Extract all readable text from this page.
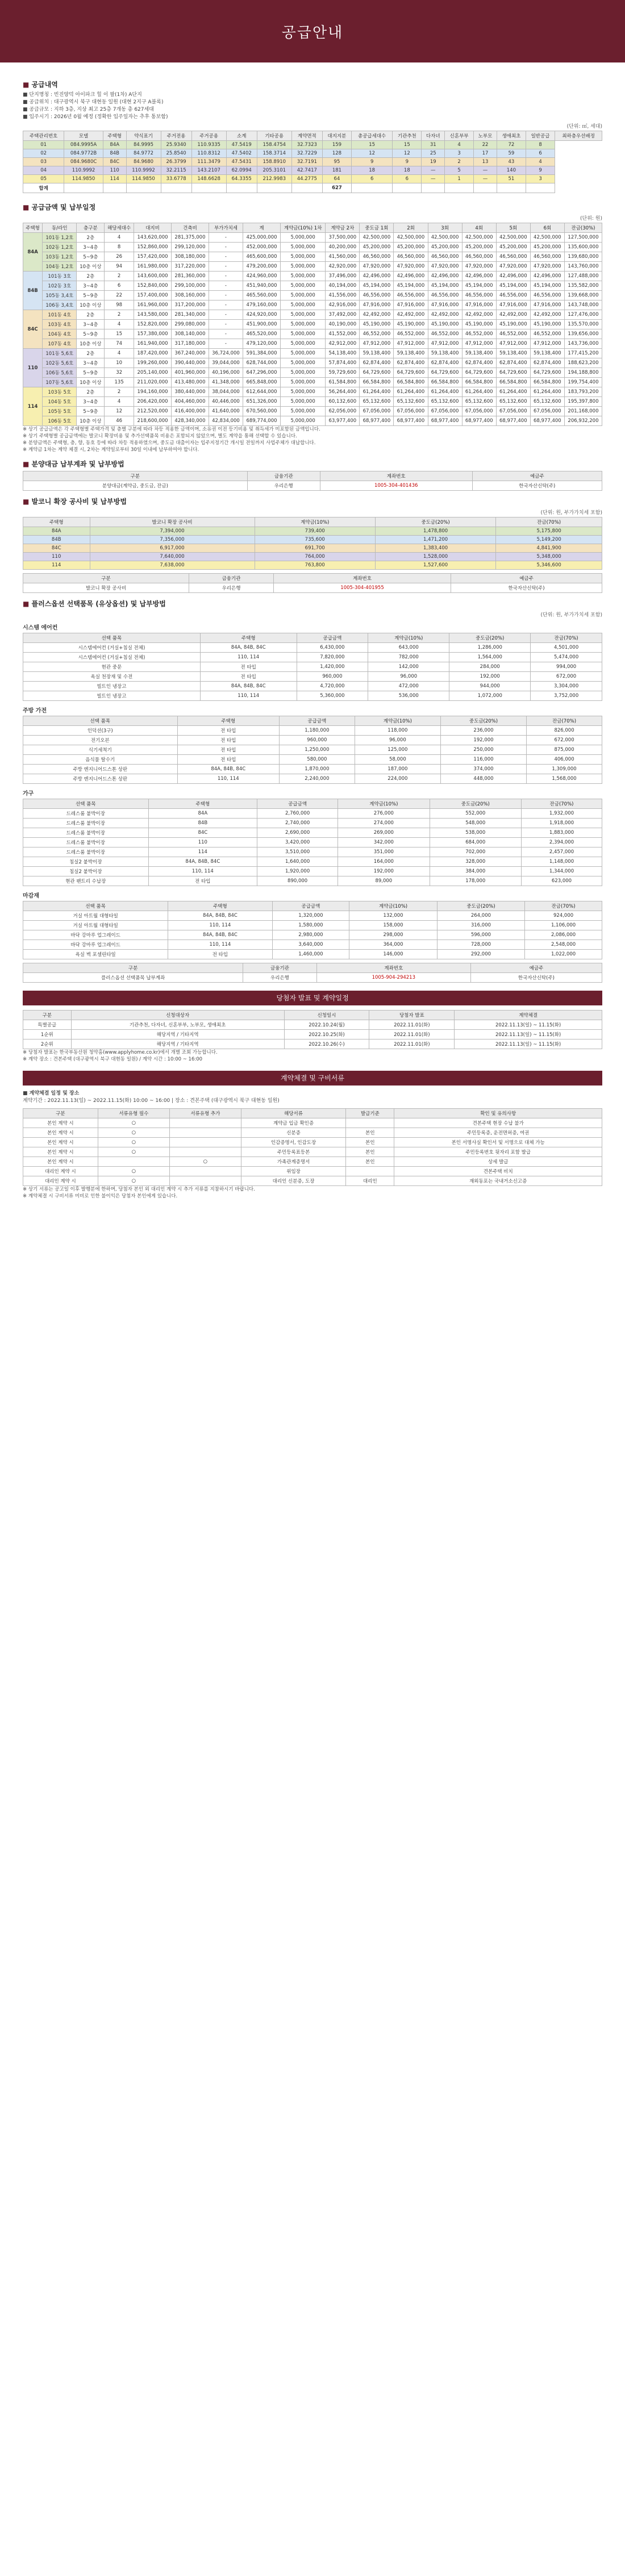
공급안내
■ 공급내역
■ 단지명칭 : 빈진양덕 아이파크 힐 이 팔(1차) A단지
■ 공급위치 : 대구광역시 북구 대현동 일원 (대현 2지구 A블록)
■ 공급규모 : 지하 3층, 지상 최고 25층 7개동 총 627세대
■ 입주시기 : 2026년 0월 예정 (정확한 입주일자는 추후 통보함)
(단위: ㎡, 세대)
주택관리번호	모델	주택형	약식표기	주거전용	주거공용	소계	기타공용	계약면적	대지지분	총공급세대수	기관추천	다자녀	신혼부부	노부모	생애최초	일반공급	최하층우선배정
01	084.9995A	84A	84.9995	25.9340	110.9335	47.5419	158.4754	32.7323	159	15	15	31	4	22	72	8	
02	084.9772B	84B	84.9772	25.8540	110.8312	47.5402	158.3714	32.7229	128	12	12	25	3	17	59	6	
03	084.9680C	84C	84.9680	26.3799	111.3479	47.5431	158.8910	32.7191	95	9	9	19	2	13	43	4	
04	110.9992	110	110.9992	32.2115	143.2107	62.0994	205.3101	42.7417	181	18	18	—	5	—	140	9	
05	114.9850	114	114.9850	33.6778	148.6628	64.3355	212.9983	44.2775	64	6	6	—	1	—	51	3	
합계									627								
■ 공급금액 및 납부일정
(단위: 원)
주택형	동/라인	층구분	해당세대수	대지비	건축비	부가가치세	계	계약금(10%) 1차	계약금 2차	중도금 1회	2회	3회	4회	5회	6회	잔금(30%)
84A	101동 1,2호	2층	4	143,620,000	281,375,000	-	425,000,000	5,000,000	37,500,000	42,500,000	42,500,000	42,500,000	42,500,000	42,500,000	42,500,000	127,500,000
	102동 1,2호	3~4층	8	152,860,000	299,120,000	-	452,000,000	5,000,000	40,200,000	45,200,000	45,200,000	45,200,000	45,200,000	45,200,000	45,200,000	135,600,000
	103동 1,2호	5~9층	26	157,420,000	308,180,000	-	465,600,000	5,000,000	41,560,000	46,560,000	46,560,000	46,560,000	46,560,000	46,560,000	46,560,000	139,680,000
	104동 1,2호	10층 이상	94	161,980,000	317,220,000	-	479,200,000	5,000,000	42,920,000	47,920,000	47,920,000	47,920,000	47,920,000	47,920,000	47,920,000	143,760,000
84B	101동 3호	2층	2	143,600,000	281,360,000	-	424,960,000	5,000,000	37,496,000	42,496,000	42,496,000	42,496,000	42,496,000	42,496,000	42,496,000	127,488,000
	102동 3호	3~4층	6	152,840,000	299,100,000	-	451,940,000	5,000,000	40,194,000	45,194,000	45,194,000	45,194,000	45,194,000	45,194,000	45,194,000	135,582,000
	105동 3,4호	5~9층	22	157,400,000	308,160,000	-	465,560,000	5,000,000	41,556,000	46,556,000	46,556,000	46,556,000	46,556,000	46,556,000	46,556,000	139,668,000
	106동 3,4호	10층 이상	98	161,960,000	317,200,000	-	479,160,000	5,000,000	42,916,000	47,916,000	47,916,000	47,916,000	47,916,000	47,916,000	47,916,000	143,748,000
84C	101동 4호	2층	2	143,580,000	281,340,000	-	424,920,000	5,000,000	37,492,000	42,492,000	42,492,000	42,492,000	42,492,000	42,492,000	42,492,000	127,476,000
	103동 4호	3~4층	4	152,820,000	299,080,000	-	451,900,000	5,000,000	40,190,000	45,190,000	45,190,000	45,190,000	45,190,000	45,190,000	45,190,000	135,570,000
	104동 4호	5~9층	15	157,380,000	308,140,000	-	465,520,000	5,000,000	41,552,000	46,552,000	46,552,000	46,552,000	46,552,000	46,552,000	46,552,000	139,656,000
	107동 4호	10층 이상	74	161,940,000	317,180,000	-	479,120,000	5,000,000	42,912,000	47,912,000	47,912,000	47,912,000	47,912,000	47,912,000	47,912,000	143,736,000
110	101동 5,6호	2층	4	187,420,000	367,240,000	36,724,000	591,384,000	5,000,000	54,138,400	59,138,400	59,138,400	59,138,400	59,138,400	59,138,400	59,138,400	177,415,200
	102동 5,6호	3~4층	10	199,260,000	390,440,000	39,044,000	628,744,000	5,000,000	57,874,400	62,874,400	62,874,400	62,874,400	62,874,400	62,874,400	62,874,400	188,623,200
	106동 5,6호	5~9층	32	205,140,000	401,960,000	40,196,000	647,296,000	5,000,000	59,729,600	64,729,600	64,729,600	64,729,600	64,729,600	64,729,600	64,729,600	194,188,800
	107동 5,6호	10층 이상	135	211,020,000	413,480,000	41,348,000	665,848,000	5,000,000	61,584,800	66,584,800	66,584,800	66,584,800	66,584,800	66,584,800	66,584,800	199,754,400
114	103동 5호	2층	2	194,160,000	380,440,000	38,044,000	612,644,000	5,000,000	56,264,400	61,264,400	61,264,400	61,264,400	61,264,400	61,264,400	61,264,400	183,793,200
	104동 5호	3~4층	4	206,420,000	404,460,000	40,446,000	651,326,000	5,000,000	60,132,600	65,132,600	65,132,600	65,132,600	65,132,600	65,132,600	65,132,600	195,397,800
	105동 5호	5~9층	12	212,520,000	416,400,000	41,640,000	670,560,000	5,000,000	62,056,000	67,056,000	67,056,000	67,056,000	67,056,000	67,056,000	67,056,000	201,168,000
	106동 5호	10층 이상	46	218,600,000	428,340,000	42,834,000	689,774,000	5,000,000	63,977,400	68,977,400	68,977,400	68,977,400	68,977,400	68,977,400	68,977,400	206,932,200
※ 상기 공급금액은 각 주택형별 주택가격 및 층별 구분에 따라 차등 적용한 금액이며, 소유권 이전 등기비용 및 취득세가 미포함된 금액입니다.
※ 상기 주택형별 공급금액에는 발코니 확장비용 및 추가선택품목 비용은 포함되지 않았으며, 별도 계약을 통해 선택할 수 있습니다.
※ 분양금액은 주택형, 층, 향, 동호 등에 따라 차등 적용하였으며, 중도금 대출이자는 입주지정기간 개시일 전일까지 사업주체가 대납합니다.
※ 계약금 1차는 계약 체결 시, 2차는 계약일로부터 30일 이내에 납부하여야 합니다.
■ 분양대금 납부계좌 및 납부방법
구분	금융기관	계좌번호	예금주
분양대금(계약금, 중도금, 잔금)	우리은행	1005-304-401436	한국자산신탁(주)
■ 발코니 확장 공사비 및 납부방법
(단위: 원, 부가가치세 포함)
주택형	발코니 확장 공사비	계약금(10%)	중도금(20%)	잔금(70%)
84A	7,394,000	739,400	1,478,800	5,175,800
84B	7,356,000	735,600	1,471,200	5,149,200
84C	6,917,000	691,700	1,383,400	4,841,900
110	7,640,000	764,000	1,528,000	5,348,000
114	7,638,000	763,800	1,527,600	5,346,600
구분	금융기관	계좌번호	예금주
발코니 확장 공사비	우리은행	1005-304-401955	한국자산신탁(주)
■ 플러스옵션 선택품목 (유상옵션) 및 납부방법
(단위: 원, 부가가치세 포함)
시스템 에어컨
선택 품목	주택형	공급금액	계약금(10%)	중도금(20%)	잔금(70%)
시스템에어컨 (거실+침실 전체)	84A, 84B, 84C	6,430,000	643,000	1,286,000	4,501,000
시스템에어컨 (거실+침실 전체)	110, 114	7,820,000	782,000	1,564,000	5,474,000
현관 중문	전 타입	1,420,000	142,000	284,000	994,000
욕실 천장재 및 수전	전 타입	960,000	96,000	192,000	672,000
빌트인 냉장고	84A, 84B, 84C	4,720,000	472,000	944,000	3,304,000
빌트인 냉장고	110, 114	5,360,000	536,000	1,072,000	3,752,000
주방 가전
선택 품목	주택형	공급금액	계약금(10%)	중도금(20%)	잔금(70%)
인덕션(3구)	전 타입	1,180,000	118,000	236,000	826,000
전기오븐	전 타입	960,000	96,000	192,000	672,000
식기세척기	전 타입	1,250,000	125,000	250,000	875,000
음식물 탈수기	전 타입	580,000	58,000	116,000	406,000
주방 엔지니어드스톤 상판	84A, 84B, 84C	1,870,000	187,000	374,000	1,309,000
주방 엔지니어드스톤 상판	110, 114	2,240,000	224,000	448,000	1,568,000
가구
선택 품목	주택형	공급금액	계약금(10%)	중도금(20%)	잔금(70%)
드레스룸 붙박이장	84A	2,760,000	276,000	552,000	1,932,000
드레스룸 붙박이장	84B	2,740,000	274,000	548,000	1,918,000
드레스룸 붙박이장	84C	2,690,000	269,000	538,000	1,883,000
드레스룸 붙박이장	110	3,420,000	342,000	684,000	2,394,000
드레스룸 붙박이장	114	3,510,000	351,000	702,000	2,457,000
침실2 붙박이장	84A, 84B, 84C	1,640,000	164,000	328,000	1,148,000
침실2 붙박이장	110, 114	1,920,000	192,000	384,000	1,344,000
현관 팬트리 수납장	전 타입	890,000	89,000	178,000	623,000
마감재
선택 품목	주택형	공급금액	계약금(10%)	중도금(20%)	잔금(70%)
거실 아트월 대형타일	84A, 84B, 84C	1,320,000	132,000	264,000	924,000
거실 아트월 대형타일	110, 114	1,580,000	158,000	316,000	1,106,000
바닥 강마루 업그레이드	84A, 84B, 84C	2,980,000	298,000	596,000	2,086,000
바닥 강마루 업그레이드	110, 114	3,640,000	364,000	728,000	2,548,000
욕실 벽 포셀린타일	전 타입	1,460,000	146,000	292,000	1,022,000
구분	금융기관	계좌번호	예금주
플러스옵션 선택품목 납부계좌	우리은행	1005-904-294213	한국자산신탁(주)
당첨자 발표 및 계약일정
구분	신청대상자	신청일시	당첨자 발표	계약체결
특별공급	기관추천, 다자녀, 신혼부부, 노부모, 생애최초	2022.10.24(월)	2022.11.01(화)	2022.11.13(일) ~ 11.15(화)
1순위	해당지역 / 기타지역	2022.10.25(화)	2022.11.01(화)	2022.11.13(일) ~ 11.15(화)
2순위	해당지역 / 기타지역	2022.10.26(수)	2022.11.01(화)	2022.11.13(일) ~ 11.15(화)
※ 당첨자 발표는 한국부동산원 청약홈(www.applyhome.co.kr)에서 개별 조회 가능합니다.
※ 계약 장소 : 견본주택 (대구광역시 북구 대현동 일원) / 계약 시간 : 10:00 ~ 16:00
계약체결 및 구비서류
■ 계약체결 일정 및 장소
계약기간 : 2022.11.13(일) ~ 2022.11.15(화) 10:00 ~ 16:00 | 장소 : 견본주택 (대구광역시 북구 대현동 일원)
구분	서류유형 필수	서류유형 추가	해당서류	발급기준	확인 및 유의사항
본인 계약 시	○		계약금 입금 확인증		견본주택 현장 수납 불가
본인 계약 시	○		신분증	본인	주민등록증, 운전면허증, 여권
본인 계약 시	○		인감증명서, 인감도장	본인	본인 서명사실 확인서 및 서명으로 대체 가능
본인 계약 시	○		주민등록표등본	본인	주민등록번호 뒷자리 포함 발급
본인 계약 시		○	가족관계증명서	본인	상세 발급
대리인 계약 시	○		위임장		견본주택 비치
대리인 계약 시	○		대리인 신분증, 도장	대리인	재외동포는 국내거소신고증
※ 상기 서류는 공고일 이후 발행분에 한하며, 당첨자 본인 외 대리인 계약 시 추가 서류를 지참하시기 바랍니다.
※ 계약체결 시 구비서류 미비로 인한 불이익은 당첨자 본인에게 있습니다.
